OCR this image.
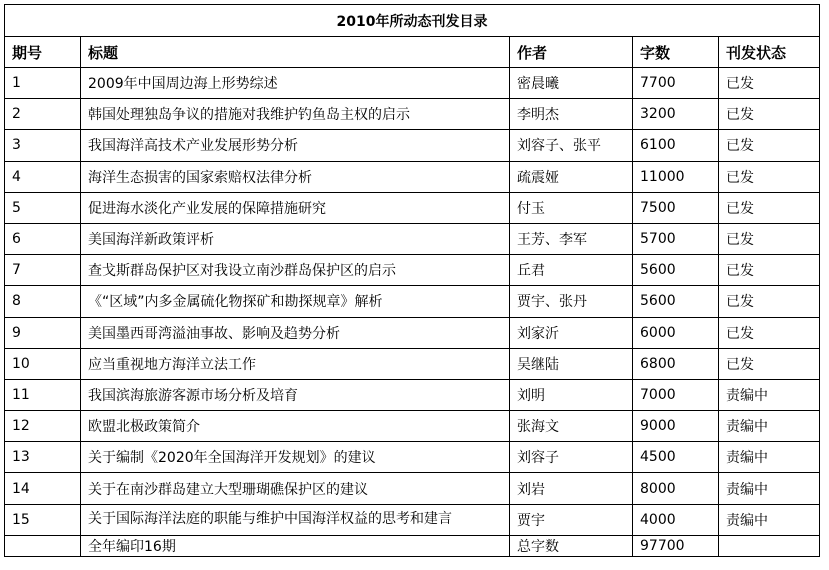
2010年所动态刊发目录				
期号	标题	作者	字数	刊发状态
1	2009年中国周边海上形势综述	密晨曦	7700	已发
2	韩国处理独岛争议的措施对我维护钓鱼岛主权的启示	李明杰	3200	已发
3	我国海洋高技术产业发展形势分析	刘容子、张平	6100	已发
4	海洋生态损害的国家索赔权法律分析	疏震娅	11000	已发
5	促进海水淡化产业发展的保障措施研究	付玉	7500	已发
6	美国海洋新政策评析	王芳、李军	5700	已发
7	查戈斯群岛保护区对我设立南沙群岛保护区的启示	丘君	5600	已发
8	《“区域”内多金属硫化物探矿和勘探规章》解析	贾宇、张丹	5600	已发
9	美国墨西哥湾溢油事故、影响及趋势分析	刘家沂	6000	已发
10	应当重视地方海洋立法工作	吴继陆	6800	已发
11	我国滨海旅游客源市场分析及培育	刘明	7000	责编中
12	欧盟北极政策简介	张海文	9000	责编中
13	关于编制《2020年全国海洋开发规划》的建议	刘容子	4500	责编中
14	关于在南沙群岛建立大型珊瑚礁保护区的建议	刘岩	8000	责编中
15	关于国际海洋法庭的职能与维护中国海洋权益的思考和建言	贾宇	4000	责编中
	全年编印16期	总字数	97700	
